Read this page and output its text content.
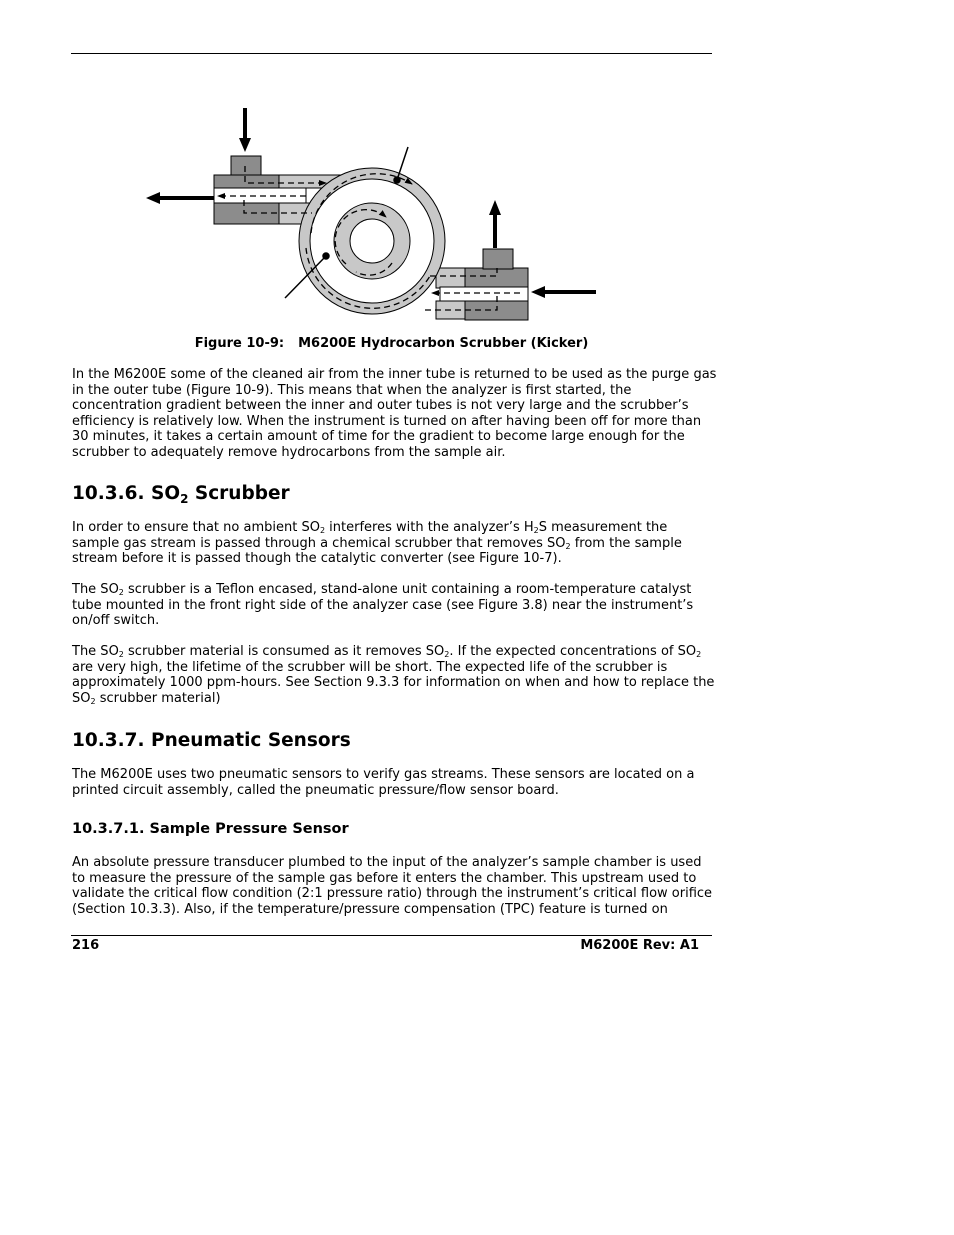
Figure 10-9: M6200E Hydrocarbon Scrubber (Kicker)

In the M6200E some of the cleaned air from the inner tube is returned to be used as the purge gas in the outer tube (Figure 10-9). This means that when the analyzer is first started, the concentration gradient between the inner and outer tubes is not very large and the scrubber’s efficiency is relatively low. When the instrument is turned on after having been off for more than 30 minutes, it takes a certain amount of time for the gradient to become large enough for the scrubber to adequately remove hydrocarbons from the sample air.

10.3.6. $SO_2$ Scrubber

In order to ensure that no ambient $SO_2$ interferes with the analyzer’s $H_2S$ measurement the sample gas stream is passed through a chemical scrubber that removes $SO_2$ from the sample stream before it is passed though the catalytic converter (see Figure 10-7).

The $SO_2$ scrubber is a Teflon encased, stand-alone unit containing a room-temperature catalyst tube mounted in the front right side of the analyzer case (see Figure 3.8) near the instrument’s on/off switch.

The $SO_2$ scrubber material is consumed as it removes $SO_2$. If the expected concentrations of $SO_2$ are very high, the lifetime of the scrubber will be short. The expected life of the scrubber is approximately 1000 ppm-hours. See Section 9.3.3 for information on when and how to replace the $SO_2$ scrubber material)

10.3.7. Pneumatic Sensors

The M6200E uses two pneumatic sensors to verify gas streams. These sensors are located on a printed circuit assembly, called the pneumatic pressure/flow sensor board.

10.3.7.1. Sample Pressure Sensor

An absolute pressure transducer plumbed to the input of the analyzer’s sample chamber is used to measure the pressure of the sample gas before it enters the chamber. This upstream used to validate the critical flow condition (2:1 pressure ratio) through the instrument’s critical flow orifice (Section 10.3.3). Also, if the temperature/pressure compensation (TPC) feature is turned on

216	M6200E Rev: A1
